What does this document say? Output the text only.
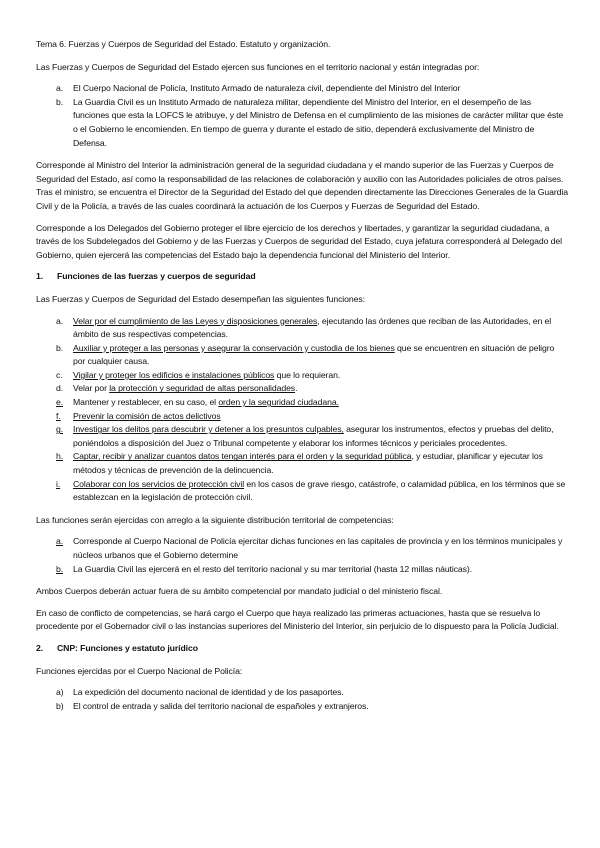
Tema 6. Fuerzas y Cuerpos de Seguridad del Estado. Estatuto y organización.

Las Fuerzas y Cuerpos de Seguridad del Estado ejercen sus funciones en el territorio nacional y están integradas por:

a. El Cuerpo Nacional de Policía, Instituto Armado de naturaleza civil, dependiente del Ministro del Interior
b. La Guardia Civil es un Instituto Armado de naturaleza militar, dependiente del Ministro del Interior, en el desempeño de las funciones que esta la LOFCS le atribuye, y del Ministro de Defensa en el cumplimiento de las misiones de carácter militar que éste o el Gobierno le encomienden. En tiempo de guerra y durante el estado de sitio, dependerá exclusivamente del Ministro de Defensa.

Corresponde al Ministro del Interior la administración general de la seguridad ciudadana y el mando superior de las Fuerzas y Cuerpos de Seguridad del Estado, así como la responsabilidad de las relaciones de colaboración y auxilio con las Autoridades policiales de otros países. Tras el ministro, se encuentra el Director de la Seguridad del Estado del que dependen directamente las Direcciones Generales de la Guardia Civil y de la Policía, a través de las cuales coordinará la actuación de los Cuerpos y Fuerzas de Seguridad del Estado.

Corresponde a los Delegados del Gobierno proteger el libre ejercicio de los derechos y libertades, y garantizar la seguridad ciudadana, a través de los Subdelegados del Gobierno y de las Fuerzas y Cuerpos de seguridad del Estado, cuya jefatura corresponderá al Delegado del Gobierno, quien ejercerá las competencias del Estado bajo la dependencia funcional del Ministerio del Interior.

1. Funciones de las fuerzas y cuerpos de seguridad

Las Fuerzas y Cuerpos de Seguridad del Estado desempeñan las siguientes funciones:

a. Velar por el cumplimiento de las Leyes y disposiciones generales, ejecutando las órdenes que reciban de las Autoridades, en el ámbito de sus respectivas competencias.
b. Auxiliar y proteger a las personas y asegurar la conservación y custodia de los bienes que se encuentren en situación de peligro por cualquier causa.
c. Vigilar y proteger los edificios e instalaciones públicos que lo requieran.
d. Velar por la protección y seguridad de altas personalidades.
e. Mantener y restablecer, en su caso, el orden y la seguridad ciudadana.
f. Prevenir la comisión de actos delictivos
g. Investigar los delitos para descubrir y detener a los presuntos culpables, asegurar los instrumentos, efectos y pruebas del delito, poniéndolos a disposición del Juez o Tribunal competente y elaborar los informes técnicos y periciales procedentes.
h. Captar, recibir y analizar cuantos datos tengan interés para el orden y la seguridad pública, y estudiar, planificar y ejecutar los métodos y técnicas de prevención de la delincuencia.
i. Colaborar con los servicios de protección civil en los casos de grave riesgo, catástrofe, o calamidad pública, en los términos que se establezcan en la legislación de protección civil.

Las funciones serán ejercidas con arreglo a la siguiente distribución territorial de competencias:

a. Corresponde al Cuerpo Nacional de Policía ejercitar dichas funciones en las capitales de provincia y en los términos municipales y núcleos urbanos que el Gobierno determine
b. La Guardia Civil las ejercerá en el resto del territorio nacional y su mar territorial (hasta 12 millas náuticas).

Ambos Cuerpos deberán actuar fuera de su ámbito competencial por mandato judicial o del ministerio fiscal.

En caso de conflicto de competencias, se hará cargo el Cuerpo que haya realizado las primeras actuaciones, hasta que se resuelva lo procedente por el Gobernador civil o las instancias superiores del Ministerio del Interior, sin perjuicio de lo dispuesto para la Policía Judicial.

2. CNP: Funciones y estatuto jurídico

Funciones ejercidas por el Cuerpo Nacional de Policía:

a) La expedición del documento nacional de identidad y de los pasaportes.
b) El control de entrada y salida del territorio nacional de españoles y extranjeros.
